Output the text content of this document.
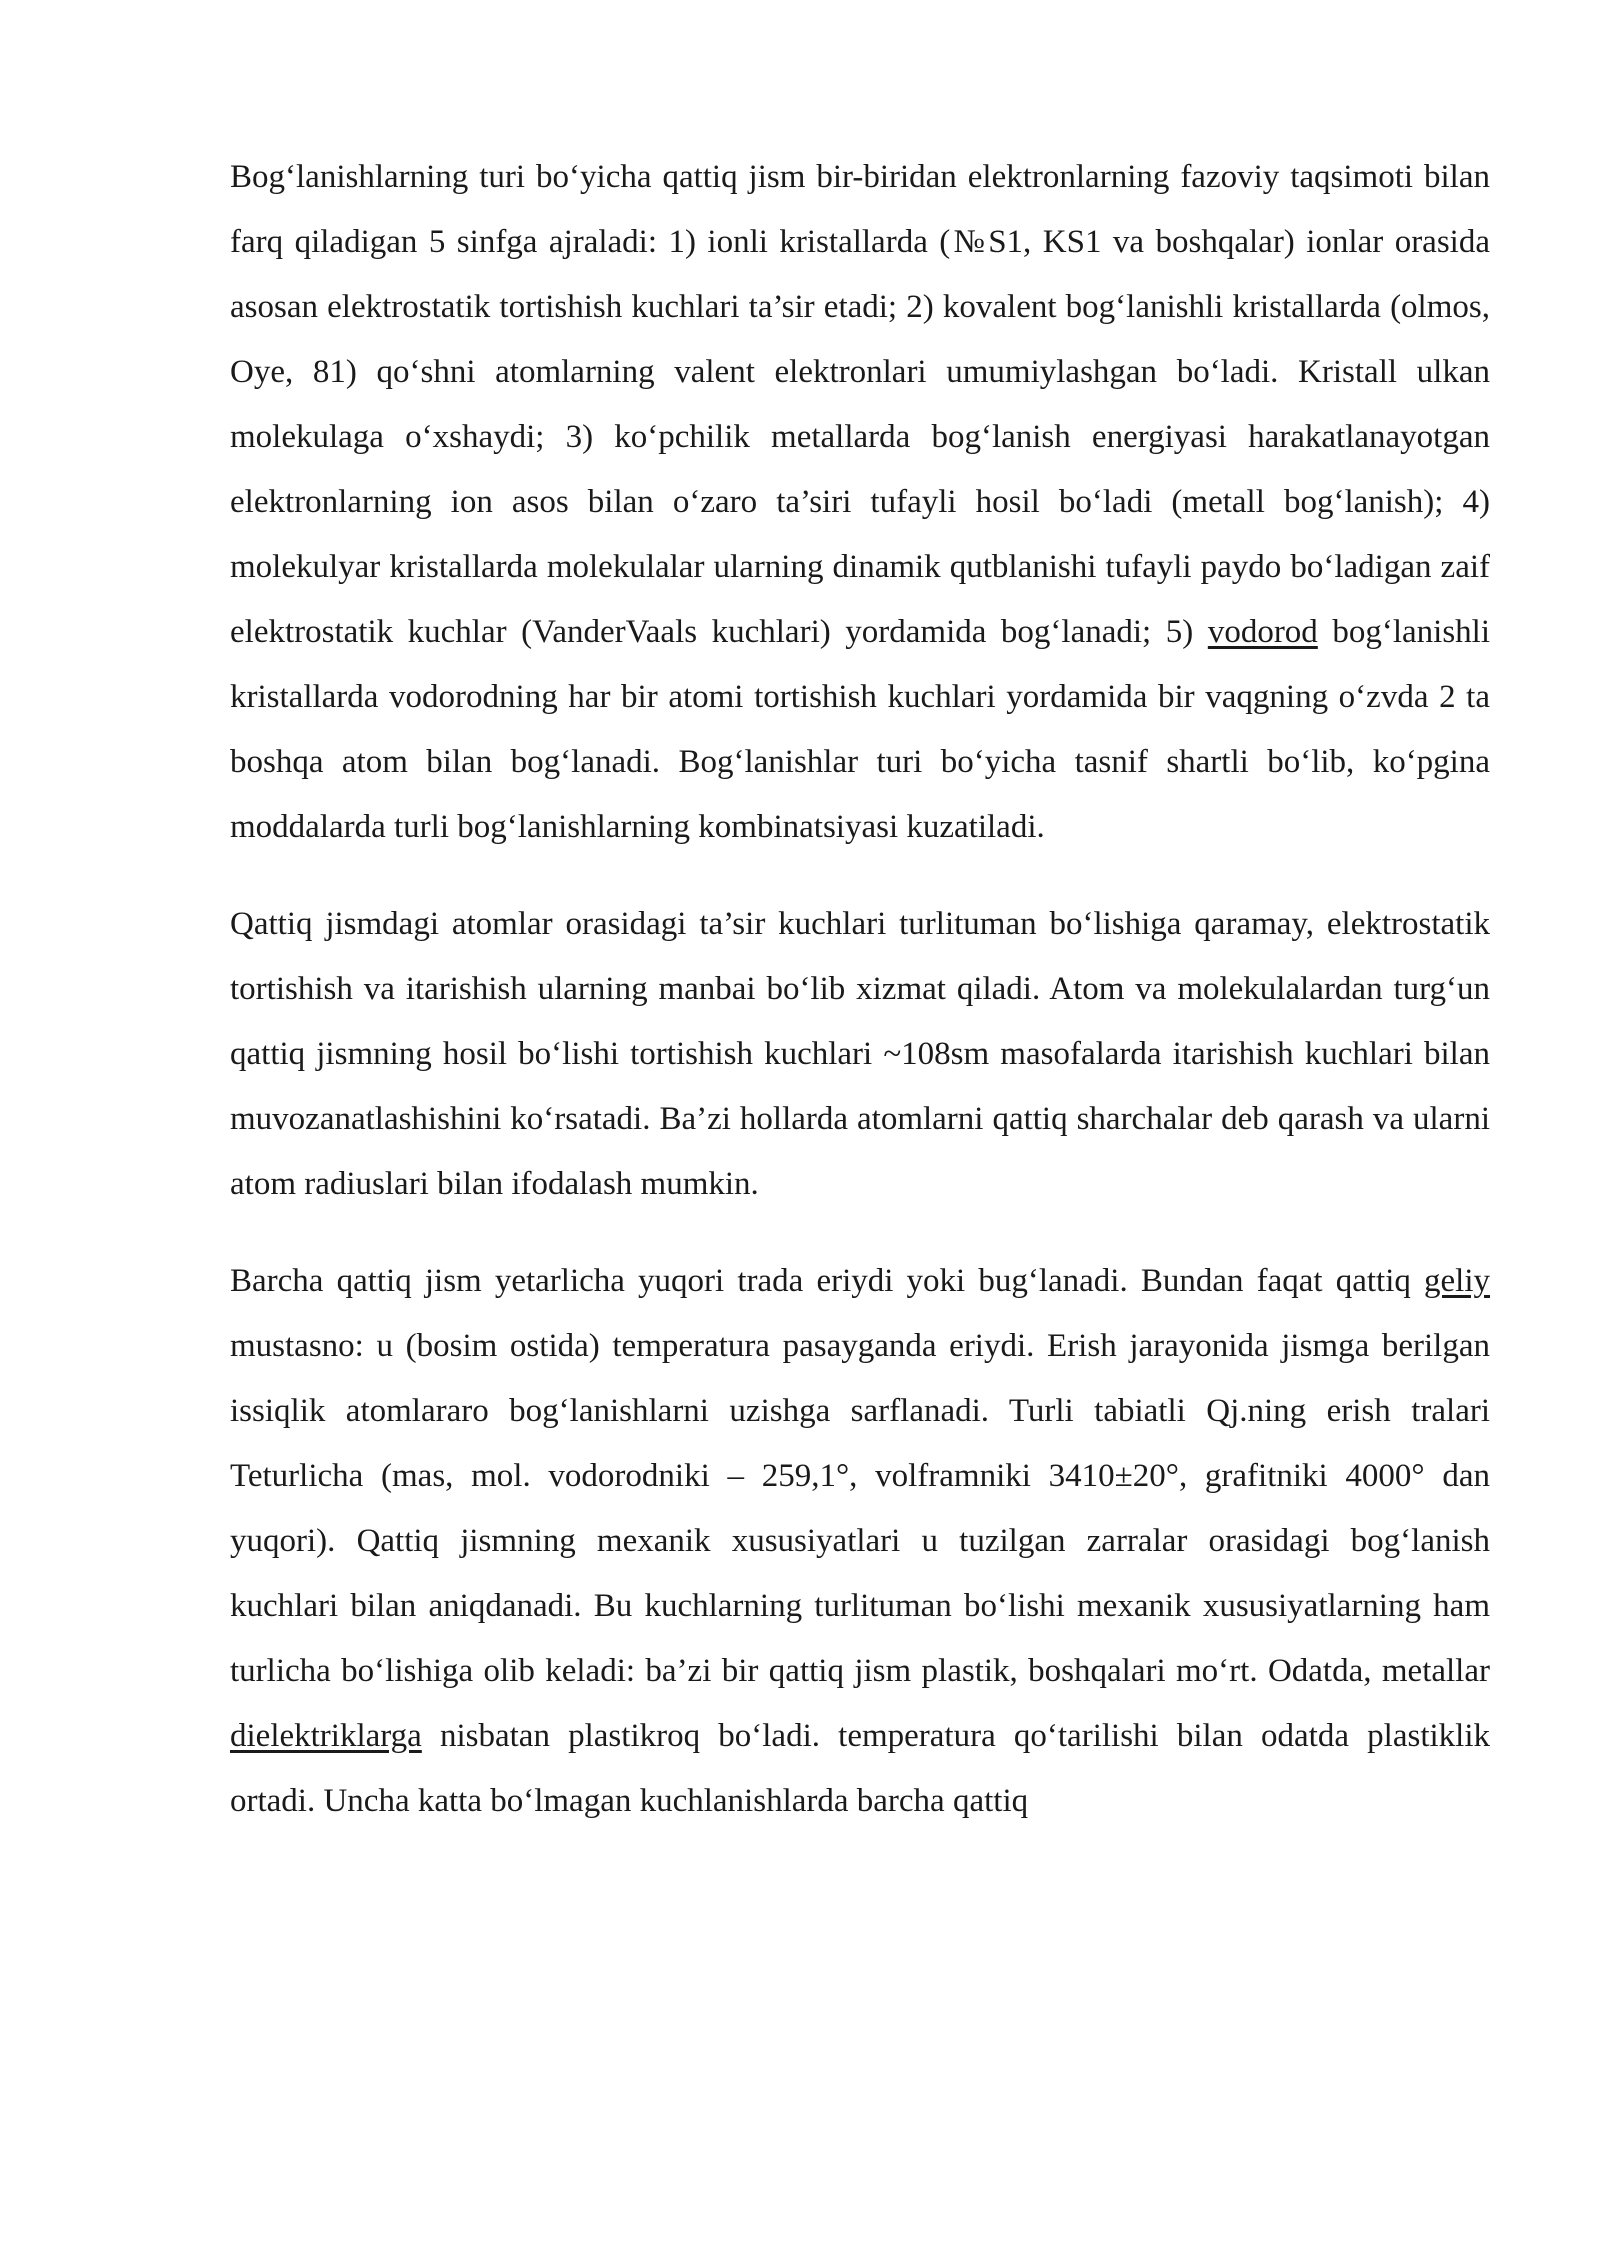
Bog‘lanishlarning turi bo‘yicha qattiq jism bir-biridan elektronlarning fazoviy taqsimoti bilan farq qiladigan 5 sinfga ajraladi: 1) ionli kristallarda (№S1, KS1 va boshqalar) ionlar orasida asosan elektrostatik tortishish kuchlari ta’sir etadi; 2) kovalent bog‘lanishli kristallarda (olmos, Oye, 81) qo‘shni atomlarning valent elektronlari umumiylashgan bo‘ladi. Kristall ulkan molekulaga o‘xshaydi; 3) ko‘pchilik metallarda bog‘lanish energiyasi harakatlanayotgan elektronlarning ion asos bilan o‘zaro ta’siri tufayli hosil bo‘ladi (metall bog‘lanish); 4) molekulyar kristallarda molekulalar ularning dinamik qutblanishi tufayli paydo bo‘ladigan zaif elektrostatik kuchlar (VanderVaals kuchlari) yordamida bog‘lanadi; 5) vodorod bog‘lanishli kristallarda vodorodning har bir atomi tortishish kuchlari yordamida bir vaqgning o‘zvda 2 ta boshqa atom bilan bog‘lanadi. Bog‘lanishlar turi bo‘yicha tasnif shartli bo‘lib, ko‘pgina moddalarda turli bog‘lanishlarning kombinatsiyasi kuzatiladi.

Qattiq jismdagi atomlar orasidagi ta’sir kuchlari turlituman bo‘lishiga qaramay, elektrostatik tortishish va itarishish ularning manbai bo‘lib xizmat qiladi. Atom va molekulalardan turg‘un qattiq jismning hosil bo‘lishi tortishish kuchlari ~108sm masofalarda itarishish kuchlari bilan muvozanatlashishini ko‘rsatadi. Ba’zi hollarda atomlarni qattiq sharchalar deb qarash va ularni atom radiuslari bilan ifodalash mumkin.

Barcha qattiq jism yetarlicha yuqori trada eriydi yoki bug‘lanadi. Bundan faqat qattiq geliy mustasno: u (bosim ostida) temperatura pasayganda eriydi. Erish jarayonida jismga berilgan issiqlik atomlararo bog‘lanishlarni uzishga sarflanadi. Turli tabiatli Qj.ning erish tralari Teturlicha (mas, mol. vodorodniki – 259,1°, volframniki 3410±20°, grafitniki 4000° dan yuqori). Qattiq jismning mexanik xususiyatlari u tuzilgan zarralar orasidagi bog‘lanish kuchlari bilan aniqdanadi. Bu kuchlarning turlituman bo‘lishi mexanik xususiyatlarning ham turlicha bo‘lishiga olib keladi: ba’zi bir qattiq jism plastik, boshqalari mo‘rt. Odatda, metallar dielektriklarga nisbatan plastikroq bo‘ladi. temperatura qo‘tarilishi bilan odatda plastiklik ortadi. Uncha katta bo‘lmagan kuchlanishlarda barcha qattiq
